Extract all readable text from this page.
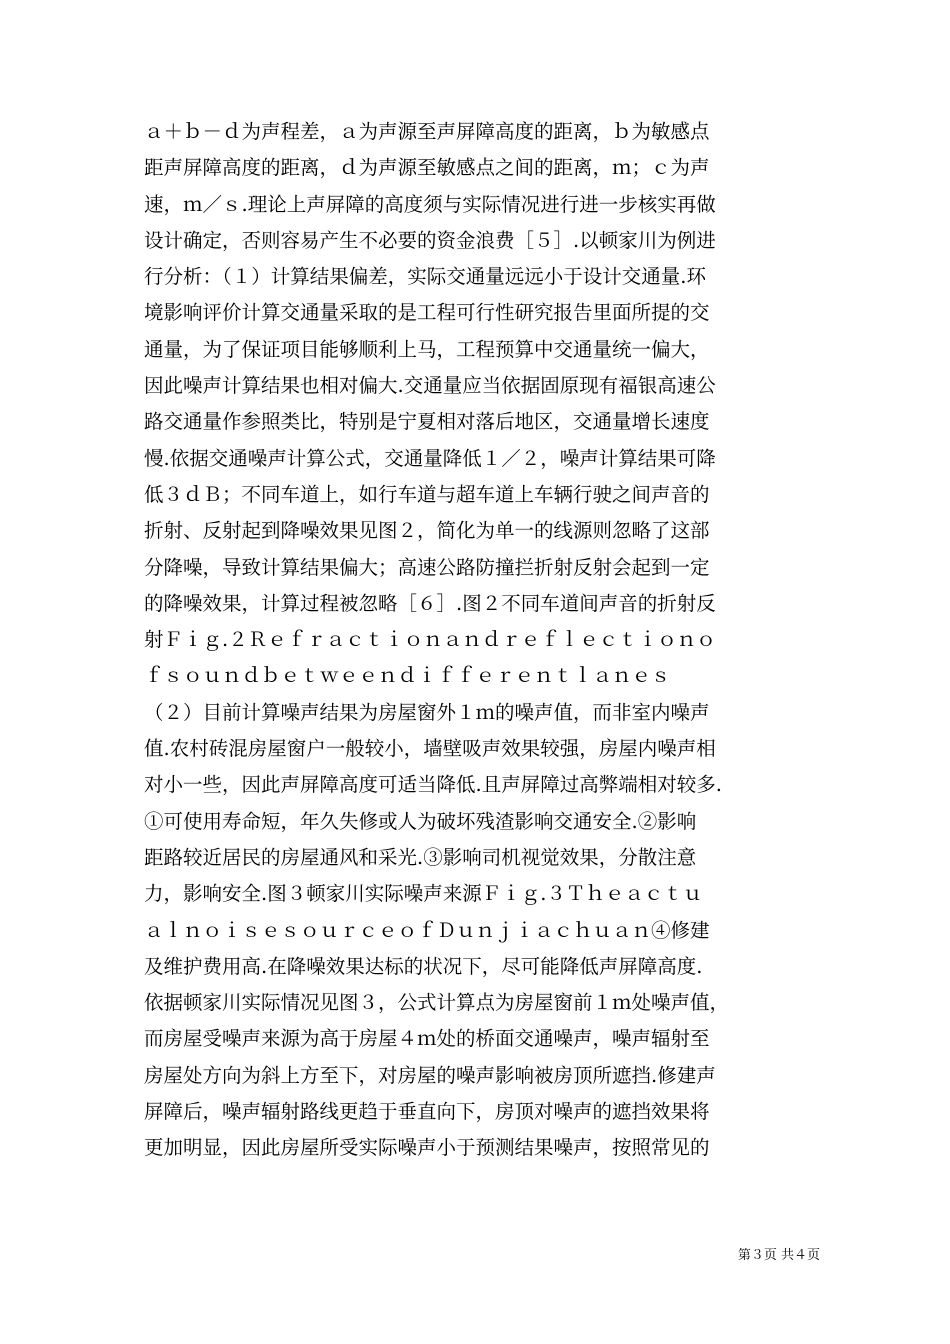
ａ＋ｂ－ｄ为声程差，ａ为声源至声屏障高度的距离，ｂ为敏感点
距声屏障高度的距离，ｄ为声源至敏感点之间的距离，ｍ；ｃ为声
速，ｍ／ｓ.理论上声屏障的高度须与实际情况进行进一步核实再做
设计确定，否则容易产生不必要的资金浪费［５］.以顿家川为例进
行分析：（１）计算结果偏差，实际交通量远远小于设计交通量.环
境影响评价计算交通量采取的是工程可行性研究报告里面所提的交
通量，为了保证项目能够顺利上马，工程预算中交通量统一偏大，
因此噪声计算结果也相对偏大.交通量应当依据固原现有福银高速公
路交通量作参照类比，特别是宁夏相对落后地区，交通量增长速度
慢.依据交通噪声计算公式，交通量降低１／２，噪声计算结果可降
低３ｄＢ；不同车道上，如行车道与超车道上车辆行驶之间声音的
折射、反射起到降噪效果见图２，简化为单一的线源则忽略了这部
分降噪，导致计算结果偏大；高速公路防撞拦折射反射会起到一定
的降噪效果，计算过程被忽略［６］.图２不同车道间声音的折射反
射Ｆｉｇ.２Ｒｅｆｒａｃｔｉｏｎａｎｄｒｅｆｌｅｃｔｉｏｎｏ
ｆｓｏｕｎｄｂｅｔｗｅｅｎｄｉｆｆｅｒｅｎｔｌａｎｅｓ
（２）目前计算噪声结果为房屋窗外１ｍ的噪声值，而非室内噪声
值.农村砖混房屋窗户一般较小，墙壁吸声效果较强，房屋内噪声相
对小一些，因此声屏障高度可适当降低.且声屏障过高弊端相对较多.
①可使用寿命短，年久失修或人为破坏残渣影响交通安全.②影响
距路较近居民的房屋通风和采光.③影响司机视觉效果，分散注意
力，影响安全.图３顿家川实际噪声来源Ｆｉｇ.３Ｔｈｅａｃｔｕ
ａｌｎｏｉｓｅｓｏｕｒｃｅｏｆＤｕｎｊｉａｃｈｕａｎ④修建
及维护费用高.在降噪效果达标的状况下，尽可能降低声屏障高度.
依据顿家川实际情况见图３，公式计算点为房屋窗前１ｍ处噪声值，
而房屋受噪声来源为高于房屋４ｍ处的桥面交通噪声，噪声辐射至
房屋处方向为斜上方至下，对房屋的噪声影响被房顶所遮挡.修建声
屏障后，噪声辐射路线更趋于垂直向下，房顶对噪声的遮挡效果将
更加明显，因此房屋所受实际噪声小于预测结果噪声，按照常见的
第３页 共４页
